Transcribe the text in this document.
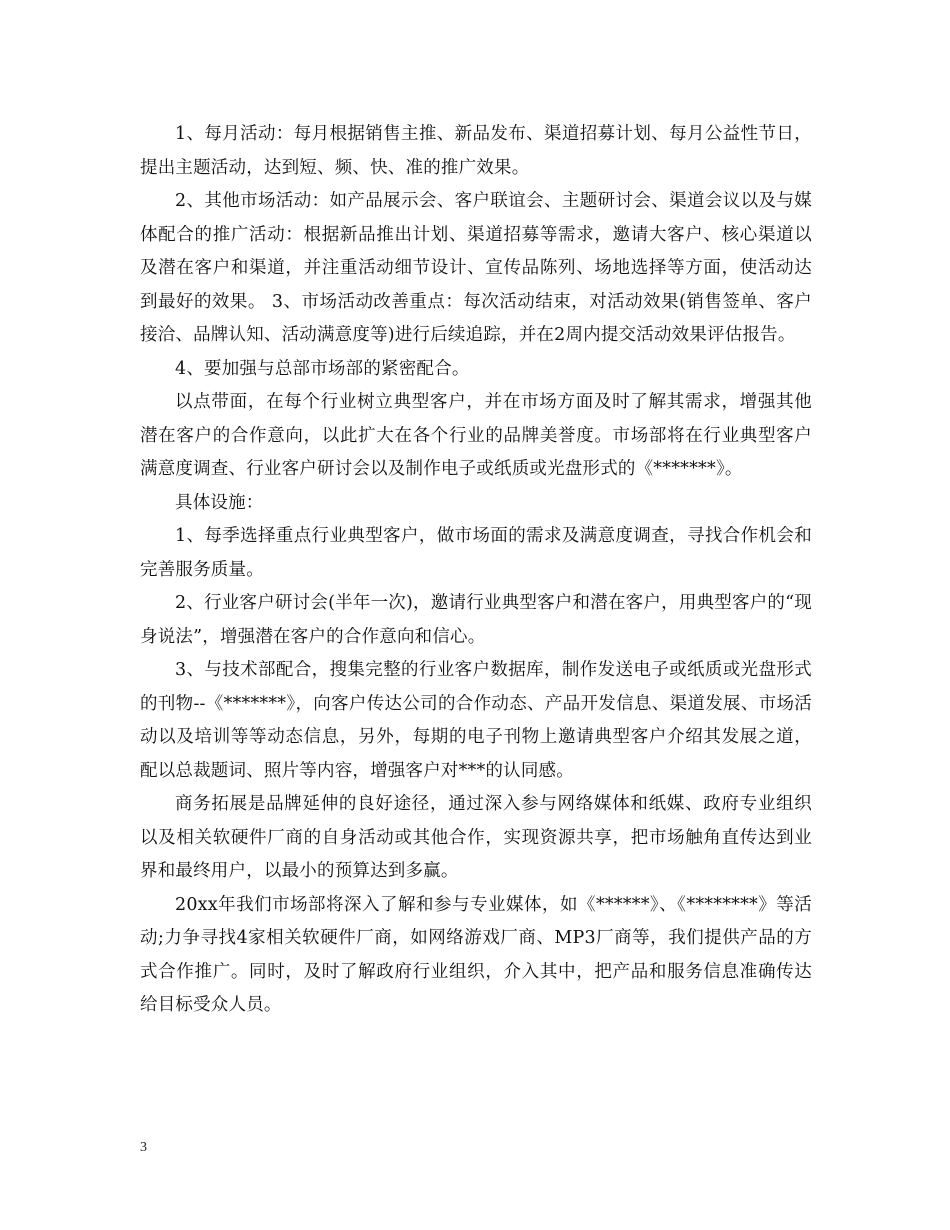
1、每月活动：每月根据销售主推、新品发布、渠道招募计划、每月公益性节日，提出主题活动，达到短、频、快、准的推广效果。

2、其他市场活动：如产品展示会、客户联谊会、主题研讨会、渠道会议以及与媒体配合的推广活动：根据新品推出计划、渠道招募等需求，邀请大客户、核心渠道以及潜在客户和渠道，并注重活动细节设计、宣传品陈列、场地选择等方面，使活动达到最好的效果。 3、市场活动改善重点：每次活动结束，对活动效果(销售签单、客户接洽、品牌认知、活动满意度等)进行后续追踪，并在2周内提交活动效果评估报告。

4、要加强与总部市场部的紧密配合。

以点带面，在每个行业树立典型客户，并在市场方面及时了解其需求，增强其他潜在客户的合作意向，以此扩大在各个行业的品牌美誉度。市场部将在行业典型客户满意度调查、行业客户研讨会以及制作电子或纸质或光盘形式的《*******》。

具体设施：

1、每季选择重点行业典型客户，做市场面的需求及满意度调查，寻找合作机会和完善服务质量。

2、行业客户研讨会(半年一次)，邀请行业典型客户和潜在客户，用典型客户的“现身说法”，增强潜在客户的合作意向和信心。

3、与技术部配合，搜集完整的行业客户数据库，制作发送电子或纸质或光盘形式的刊物--《*******》，向客户传达公司的合作动态、产品开发信息、渠道发展、市场活动以及培训等等动态信息，另外，每期的电子刊物上邀请典型客户介绍其发展之道，配以总裁题词、照片等内容，增强客户对***的认同感。

商务拓展是品牌延伸的良好途径，通过深入参与网络媒体和纸媒、政府专业组织以及相关软硬件厂商的自身活动或其他合作，实现资源共享，把市场触角直传达到业界和最终用户，以最小的预算达到多赢。

20xx年我们市场部将深入了解和参与专业媒体，如《******》、《********》等活动;力争寻找4家相关软硬件厂商，如网络游戏厂商、MP3厂商等，我们提供产品的方式合作推广。同时，及时了解政府行业组织，介入其中，把产品和服务信息准确传达给目标受众人员。

3
